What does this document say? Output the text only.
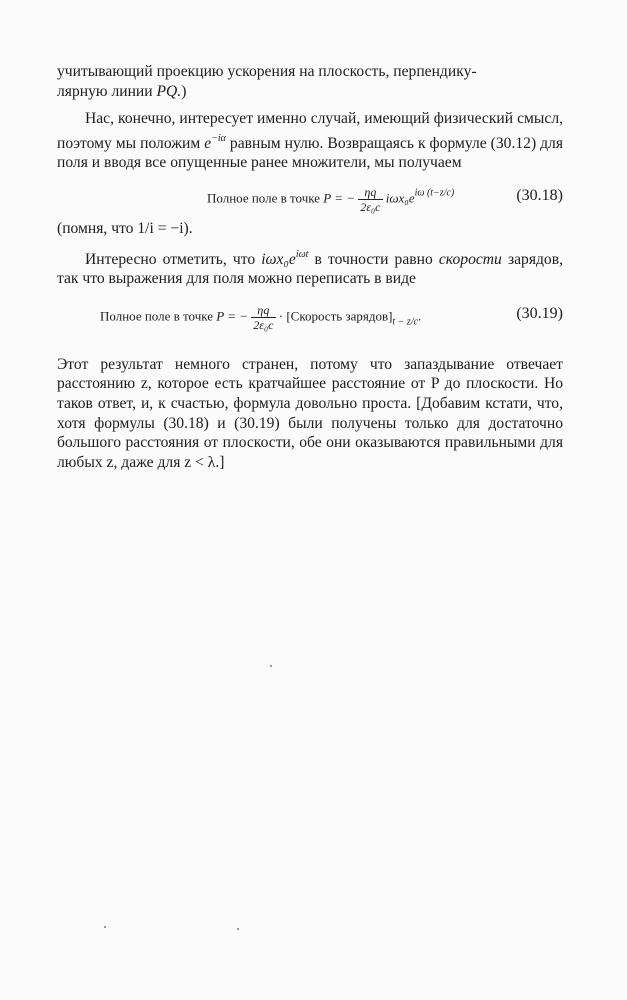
учитывающий проекцию ускорения на плоскость, перпендику-
лярную линии PQ.)

Нас, конечно, интересует именно случай, имеющий физический смысл, поэтому мы положим $e^{-i\alpha}$ равным нулю. Возвращаясь к формуле (30.12) для поля и вводя все опущенные ранее множители, мы получаем

Полное поле в точке P = − $\frac{\eta q}{\text{2ε₀c}} i\omega x_0e^{i\omega (t-z/c)}$	(30.18)

(помня, что 1/i = −i).

Интересно отметить, что $i\omega x_0e^{i\omega t}$ в точности равно скорости зарядов, так что выражения для поля можно переписать в виде

Полное поле в точке P = − $\frac{\eta q}{\text{2ε₀c}}$ · [Скорость $зарядов]_{t - z/c}$.	(30.19)

Этот результат немного странен, потому что запаздывание отвечает расстоянию z, которое есть кратчайшее расстояние от P до плоскости. Но таков ответ, и, к счастью, формула довольно проста. [Добавим кстати, что, хотя формулы (30.18) и (30.19) были получены только для достаточно большого расстояния от плоскости, обе они оказываются правильными для любых z, даже для z < λ.]
